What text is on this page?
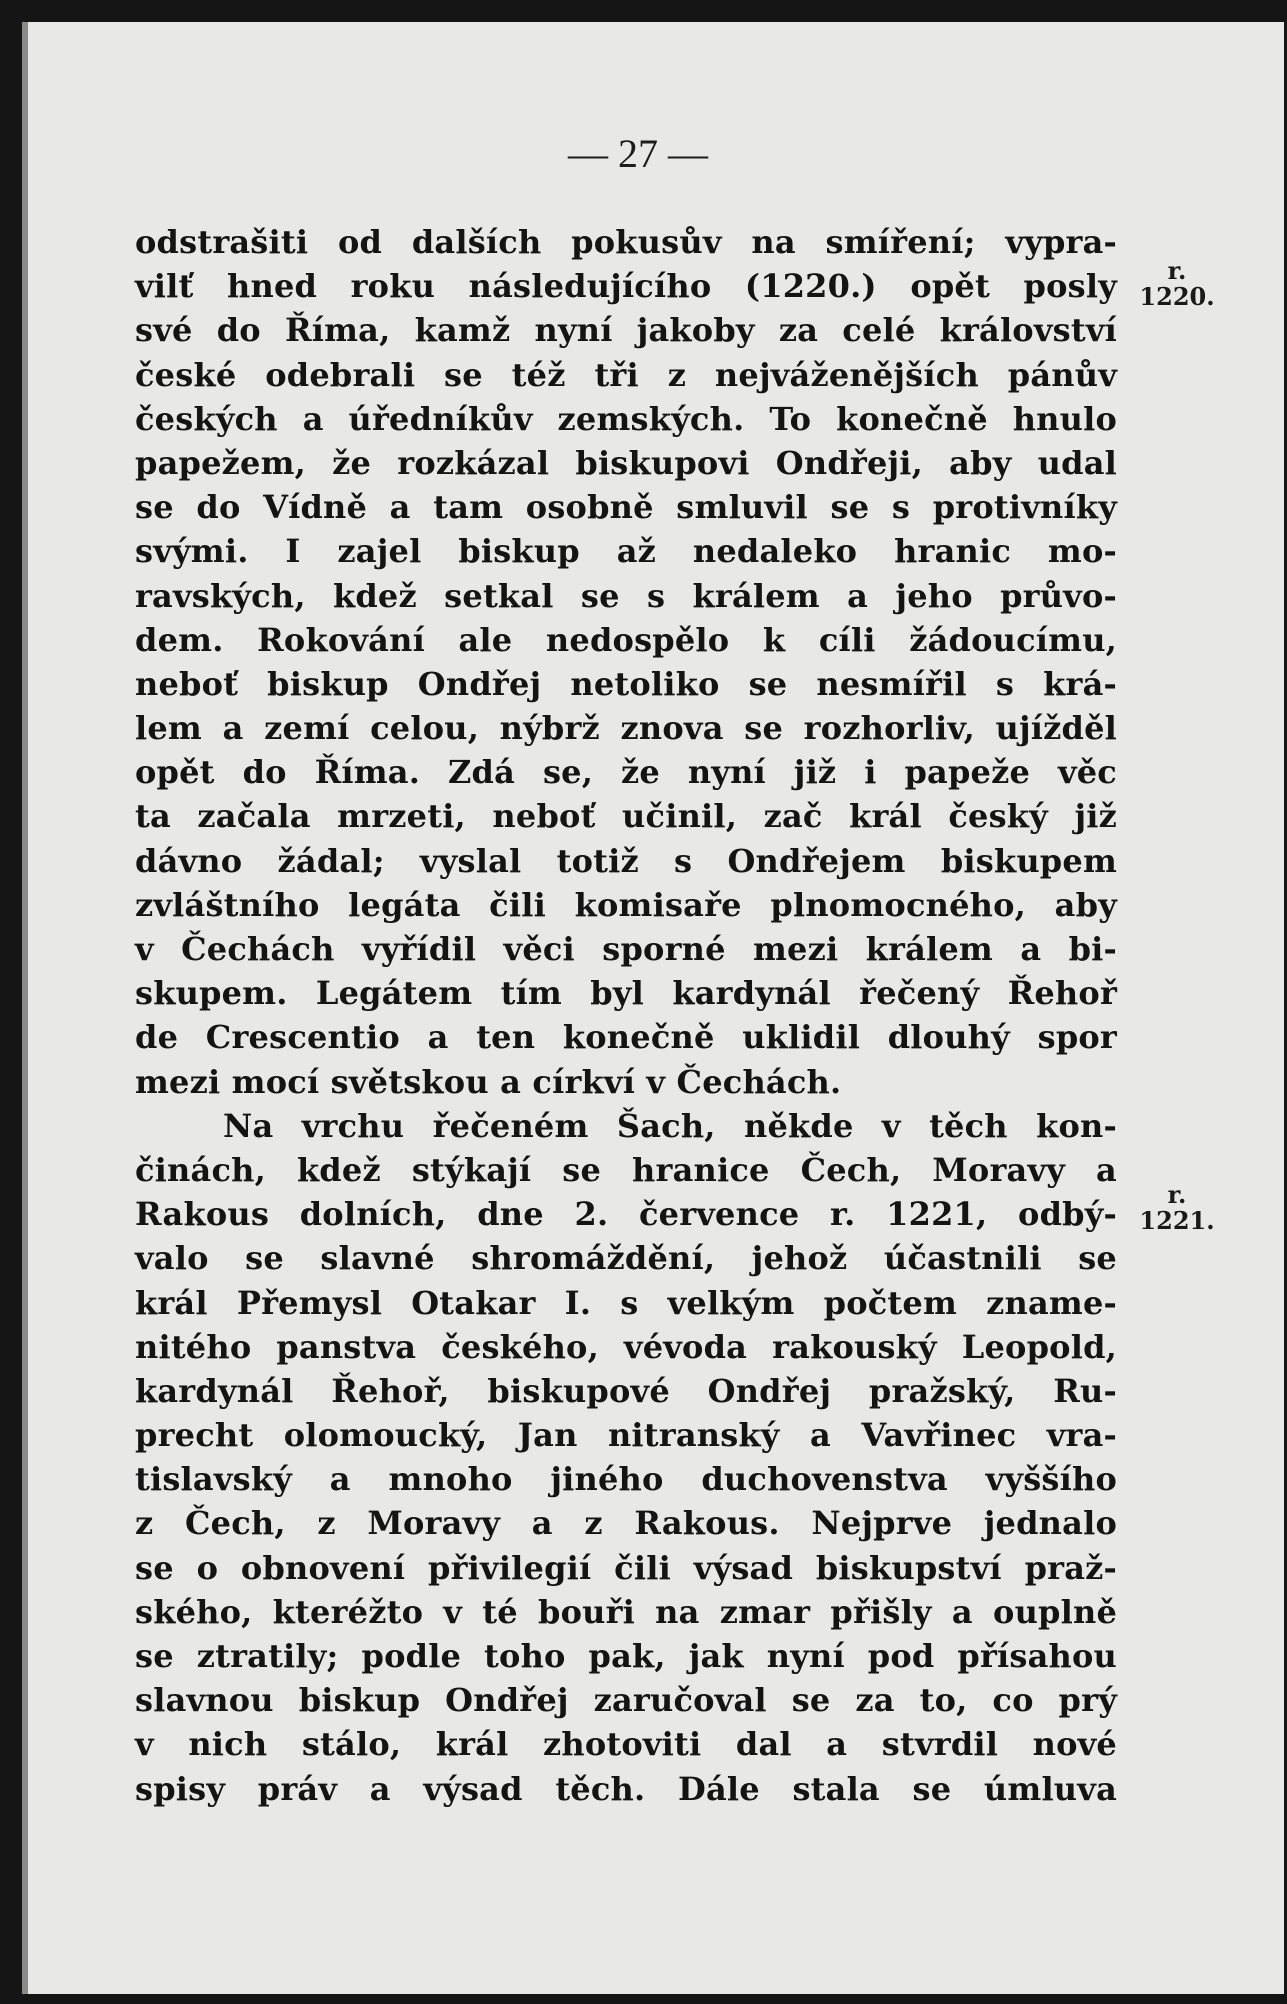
— 27 —
r.
1220.
r.
1221.
odstrašiti od dalších pokusův na smíření; vypra-
vilť hned roku následujícího (1220.) opět posly
své do Říma, kamž nyní jakoby za celé království
české odebrali se též tři z nejváženějších pánův
českých a úředníkův zemských. To konečně hnulo
papežem, že rozkázal biskupovi Ondřeji, aby udal
se do Vídně a tam osobně smluvil se s protivníky
svými. I zajel biskup až nedaleko hranic mo-
ravských, kdež setkal se s králem a jeho průvo-
dem. Rokování ale nedospělo k cíli žádoucímu,
neboť biskup Ondřej netoliko se nesmířil s krá-
lem a zemí celou, nýbrž znova se rozhorliv, ujížděl
opět do Říma. Zdá se, že nyní již i papeže věc
ta začala mrzeti, neboť učinil, zač král český již
dávno žádal; vyslal totiž s Ondřejem biskupem
zvláštního legáta čili komisaře plnomocného, aby
v Čechách vyřídil věci sporné mezi králem a bi-
skupem. Legátem tím byl kardynál řečený Řehoř
de Crescentio a ten konečně uklidil dlouhý spor
mezi mocí světskou a církví v Čechách.
Na vrchu řečeném Šach, někde v těch kon-
činách, kdež stýkají se hranice Čech, Moravy a
Rakous dolních, dne 2. července r. 1221, odbý-
valo se slavné shromáždění, jehož účastnili se
král Přemysl Otakar I. s velkým počtem zname-
nitého panstva českého, vévoda rakouský Leopold,
kardynál Řehoř, biskupové Ondřej pražský, Ru-
precht olomoucký, Jan nitranský a Vavřinec vra-
tislavský a mnoho jiného duchovenstva vyššího
z Čech, z Moravy a z Rakous. Nejprve jednalo
se o obnovení přivilegií čili výsad biskupství praž-
ského, kteréžto v té bouři na zmar přišly a ouplně
se ztratily; podle toho pak, jak nyní pod přísahou
slavnou biskup Ondřej zaručoval se za to, co prý
v nich stálo, král zhotoviti dal a stvrdil nové
spisy práv a výsad těch. Dále stala se úmluva
